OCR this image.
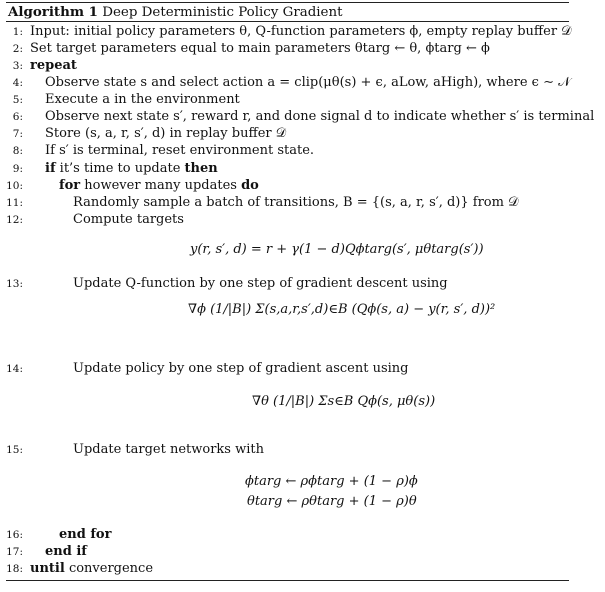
Algorithm 1 Deep Deterministic Policy Gradient
1: Input: initial policy parameters θ, Q-function parameters ϕ, empty replay buffer 𝒟
2: Set target parameters equal to main parameters θtarg ← θ, ϕtarg ← ϕ
3: repeat
4: Observe state s and select action a = clip(μθ(s) + ϵ, aLow, aHigh), where ϵ ∼ 𝒩
5: Execute a in the environment
6: Observe next state s′, reward r, and done signal d to indicate whether s′ is terminal
7: Store (s, a, r, s′, d) in replay buffer 𝒟
8: If s′ is terminal, reset environment state.
9: if it’s time to update then
10:	for however many updates do
11:	Randomly sample a batch of transitions, B = {(s, a, r, s′, d)} from 𝒟
12:	Compute targets
y(r, s′, d) = r + γ(1 − d)Qϕtarg(s′, μθtarg(s′))
13:	Update Q-function by one step of gradient descent using
∇ϕ (1/|B|) Σ(s,a,r,s′,d)∈B (Qϕ(s, a) − y(r, s′, d))²
14:	Update policy by one step of gradient ascent using
∇θ (1/|B|) Σs∈B Qϕ(s, μθ(s))
15:	Update target networks with
ϕtarg ← ρϕtarg + (1 − ρ)ϕ
θtarg ← ρθtarg + (1 − ρ)θ
16:	end for
17: end if
18: until convergence
